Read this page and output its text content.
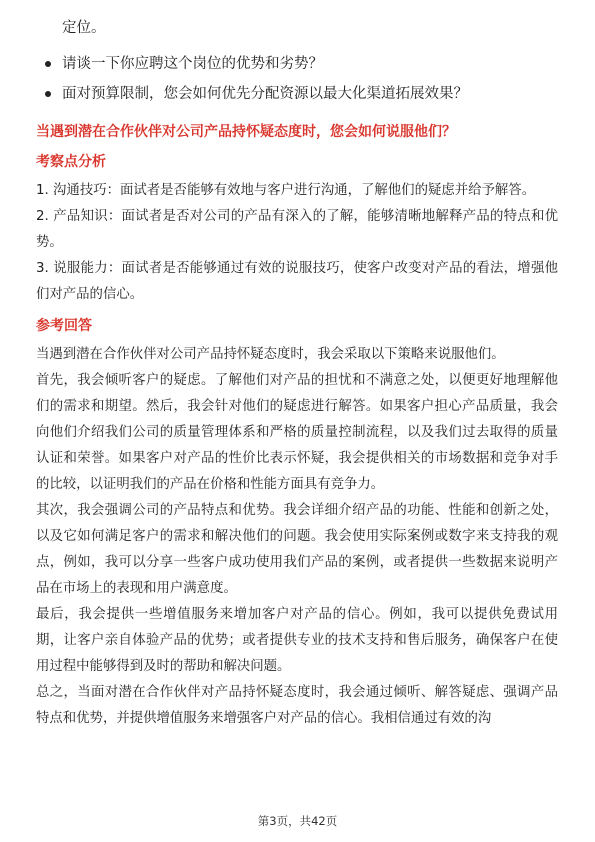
定位。

请谈一下你应聘这个岗位的优势和劣势？
面对预算限制，您会如何优先分配资源以最大化渠道拓展效果？

当遇到潜在合作伙伴对公司产品持怀疑态度时，您会如何说服他们？

考察点分析

1. 沟通技巧：面试者是否能够有效地与客户进行沟通，了解他们的疑虑并给予解答。

2. 产品知识：面试者是否对公司的产品有深入的了解，能够清晰地解释产品的特点和优势。

3. 说服能力：面试者是否能够通过有效的说服技巧，使客户改变对产品的看法，增强他们对产品的信心。

参考回答

当遇到潜在合作伙伴对公司产品持怀疑态度时，我会采取以下策略来说服他们。

首先，我会倾听客户的疑虑。了解他们对产品的担忧和不满意之处，以便更好地理解他们的需求和期望。然后，我会针对他们的疑虑进行解答。如果客户担心产品质量，我会向他们介绍我们公司的质量管理体系和严格的质量控制流程，以及我们过去取得的质量认证和荣誉。如果客户对产品的性价比表示怀疑，我会提供相关的市场数据和竞争对手的比较，以证明我们的产品在价格和性能方面具有竞争力。

其次，我会强调公司的产品特点和优势。我会详细介绍产品的功能、性能和创新之处，以及它如何满足客户的需求和解决他们的问题。我会使用实际案例或数字来支持我的观点，例如，我可以分享一些客户成功使用我们产品的案例，或者提供一些数据来说明产品在市场上的表现和用户满意度。

最后，我会提供一些增值服务来增加客户对产品的信心。例如，我可以提供免费试用期，让客户亲自体验产品的优势；或者提供专业的技术支持和售后服务，确保客户在使用过程中能够得到及时的帮助和解决问题。

总之，当面对潜在合作伙伴对产品持怀疑态度时，我会通过倾听、解答疑虑、强调产品特点和优势，并提供增值服务来增强客户对产品的信心。我相信通过有效的沟

第3页，共42页
